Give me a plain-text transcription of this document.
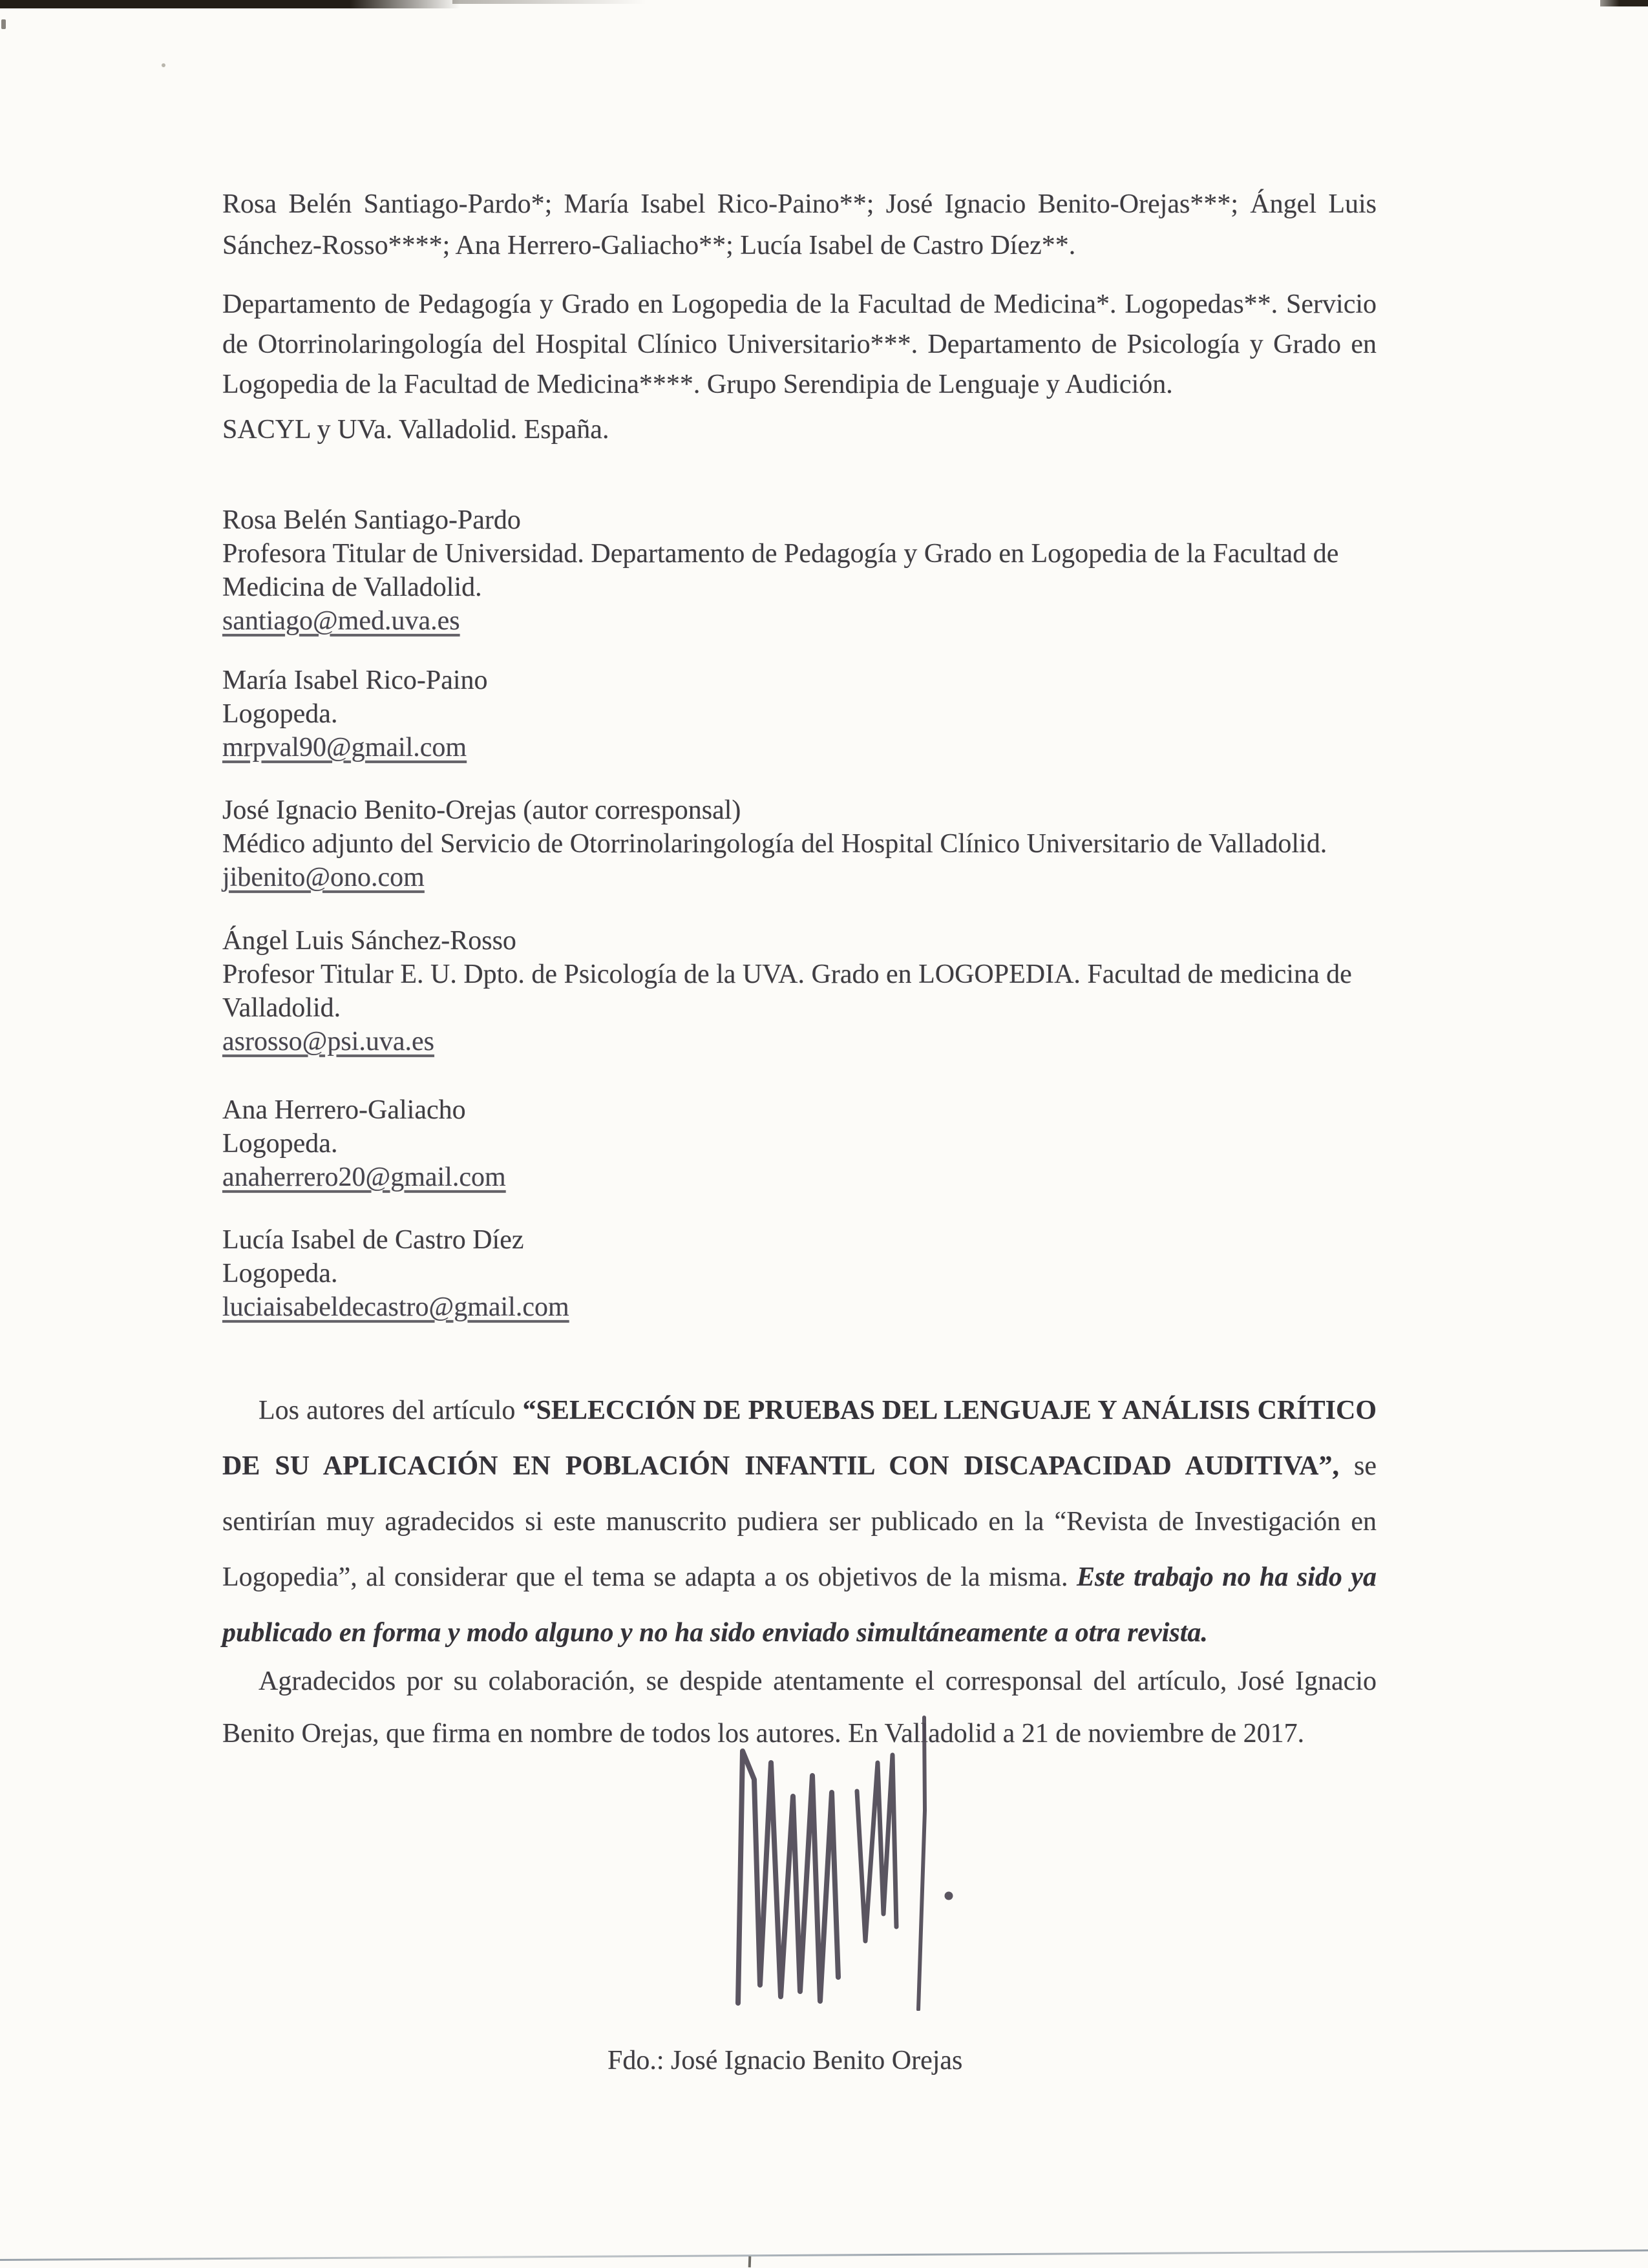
Rosa Belén Santiago-Pardo*; María Isabel Rico-Paino**; José Ignacio Benito-Orejas***; Ángel Luis Sánchez-Rosso****; Ana Herrero-Galiacho**; Lucía Isabel de Castro Díez**.

Departamento de Pedagogía y Grado en Logopedia de la Facultad de Medicina*. Logopedas**. Servicio de Otorrinolaringología del Hospital Clínico Universitario***. Departamento de Psicología y Grado en Logopedia de la Facultad de Medicina****. Grupo Serendipia de Lenguaje y Audición.

SACYL y UVa. Valladolid. España.

Rosa Belén Santiago-Pardo
Profesora Titular de Universidad. Departamento de Pedagogía y Grado en Logopedia de la Facultad de Medicina de Valladolid.
santiago@med.uva.es
María Isabel Rico-Paino
Logopeda.
mrpval90@gmail.com
José Ignacio Benito-Orejas (autor corresponsal)
Médico adjunto del Servicio de Otorrinolaringología del Hospital Clínico Universitario de Valladolid.
jibenito@ono.com
Ángel Luis Sánchez-Rosso
Profesor Titular E. U. Dpto. de Psicología de la UVA. Grado en LOGOPEDIA. Facultad de medicina de Valladolid.
asrosso@psi.uva.es
Ana Herrero-Galiacho
Logopeda.
anaherrero20@gmail.com
Lucía Isabel de Castro Díez
Logopeda.
luciaisabeldecastro@gmail.com

Los autores del artículo “SELECCIÓN DE PRUEBAS DEL LENGUAJE Y ANÁLISIS CRÍTICO DE SU APLICACIÓN EN POBLACIÓN INFANTIL CON DISCAPACIDAD AUDITIVA”, se sentirían muy agradecidos si este manuscrito pudiera ser publicado en la “Revista de Investigación en Logopedia”, al considerar que el tema se adapta a os objetivos de la misma. Este trabajo no ha sido ya publicado en forma y modo alguno y no ha sido enviado simultáneamente a otra revista.

Agradecidos por su colaboración, se despide atentamente el corresponsal del artículo, José Ignacio Benito Orejas, que firma en nombre de todos los autores. En Valladolid a 21 de noviembre de 2017.

Fdo.: José Ignacio Benito Orejas
